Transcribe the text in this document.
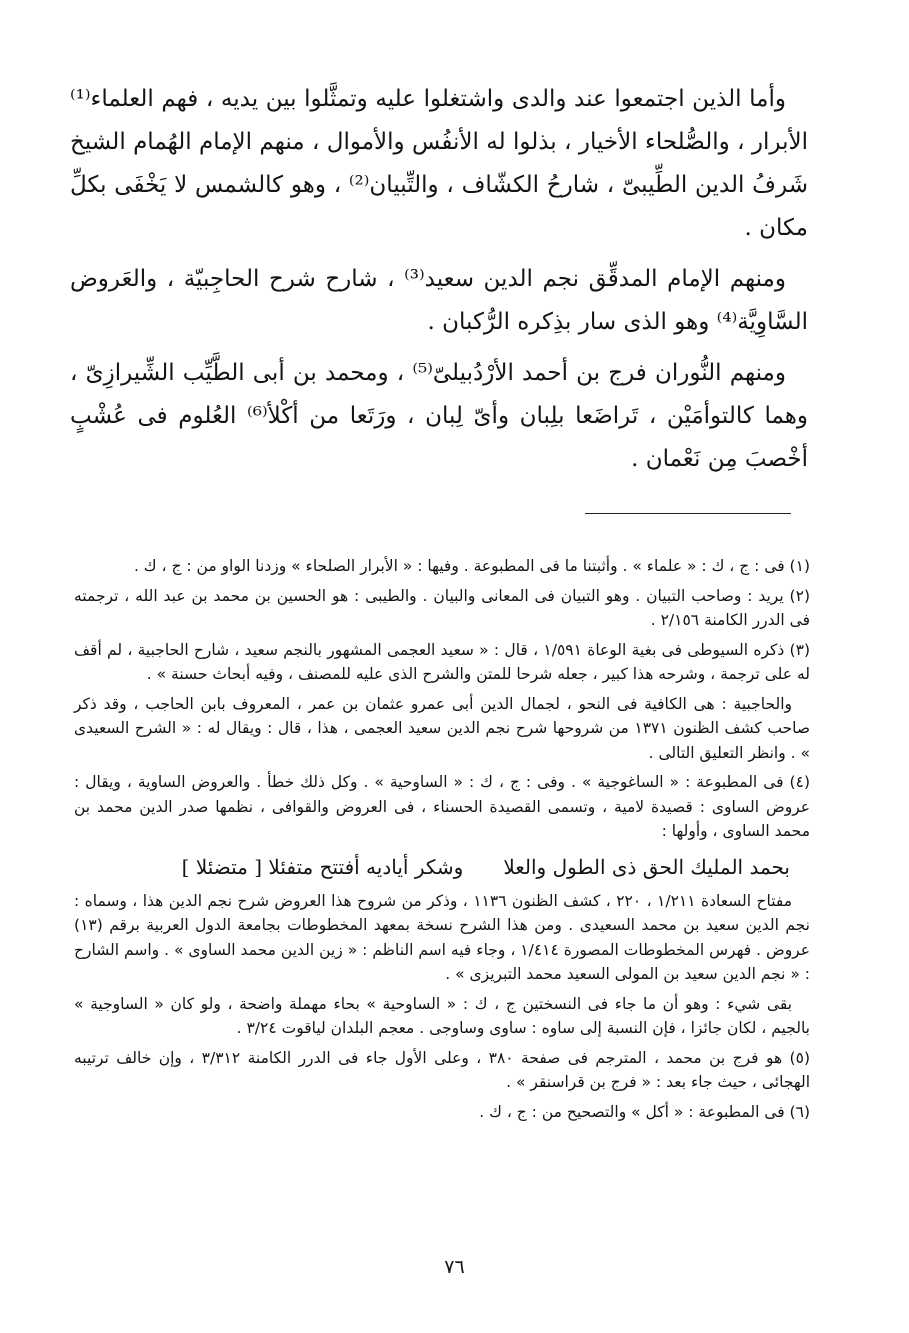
وأما الذين اجتمعوا عند والدى واشتغلوا عليه وتمثَّلوا بين يديه ، فهم العلماء⁽¹⁾ الأبرار ، والصُّلحاء الأخيار ، بذلوا له الأنفُس والأموال ، منهم الإمام الهُمام الشيخ شَرفُ الدين الطِّيبىّ ، شارحُ الكشّاف ، والتِّبيان⁽²⁾ ، وهو كالشمس لا يَخْفَى بكلِّ مكان .

ومنهم الإمام المدقِّق نجم الدين سعيد⁽³⁾ ، شارح شرح الحاجِبيّة ، والعَروض السَّاوِيَّة⁽⁴⁾ وهو الذى سار بذِكره الرُّكبان .

ومنهم النُّوران فرج بن أحمد الأرْدُبيلىّ⁽⁵⁾ ، ومحمد بن أبى الطَّيِّب الشِّيرازِىّ ، وهما كالتوأمَيْن ، تَراضَعا بلِبان وأىّ لِبان ، ورَتَعا من أكْلأ⁽⁶⁾ العُلوم فى عُشْبٍ أخْصبَ مِن نَعْمان .

(١) فى : ج ، ك : « علماء » . وأثبتنا ما فى المطبوعة . وفيها : « الأبرار الصلحاء » وزدنا الواو من : ج ، ك .

(٢) يريد : وصاحب التبيان . وهو التبيان فى المعانى والبيان . والطيبى : هو الحسين بن محمد بن عبد الله ، ترجمته فى الدرر الكامنة ٢/١٥٦ .

(٣) ذكره السيوطى فى بغية الوعاة ١/٥٩١ ، قال : « سعيد العجمى المشهور بالنجم سعيد ، شارح الحاجبية ، لم أقف له على ترجمة ، وشرحه هذا كبير ، جعله شرحا للمتن والشرح الذى عليه للمصنف ، وفيه أبحاث حسنة » .

والحاجبية : هى الكافية فى النحو ، لجمال الدين أبى عمرو عثمان بن عمر ، المعروف بابن الحاجب ، وقد ذكر صاحب كشف الظنون ١٣٧١ من شروحها شرح نجم الدين سعيد العجمى ، هذا ، قال : ويقال له : « الشرح السعيدى » . وانظر التعليق التالى .

(٤) فى المطبوعة : « الساغوجية » . وفى : ج ، ك : « الساوحية » . وكل ذلك خطأ . والعروض الساوية ، ويقال : عروض الساوى : قصيدة لامية ، وتسمى القصيدة الحسناء ، فى العروض والقوافى ، نظمها صدر الدين محمد بن محمد الساوى ، وأولها :

بحمد المليك الحق ذى الطول والعلا
وشكر أياديه أفتتح متفئلا [ متضئلا ]

مفتاح السعادة ١/٢١١ ، ٢٢٠ ، كشف الظنون ١١٣٦ ، وذكر من شروح هذا العروض شرح نجم الدين هذا ، وسماه : نجم الدين سعيد بن محمد السعيدى . ومن هذا الشرح نسخة بمعهد المخطوطات بجامعة الدول العربية برقم (١٣) عروض . فهرس المخطوطات المصورة ١/٤١٤ ، وجاء فيه اسم الناظم : « زين الدين محمد الساوى » . واسم الشارح : « نجم الدين سعيد بن المولى السعيد محمد التبريزى » .

بقى شيء : وهو أن ما جاء فى النسختين ج ، ك : « الساوحية » بحاء مهملة واضحة ، ولو كان « الساوجية » بالجيم ، لكان جائزا ، فإن النسبة إلى ساوه : ساوى وساوجى . معجم البلدان لياقوت ٣/٢٤ .

(٥) هو فرج بن محمد ، المترجم فى صفحة ٣٨٠ ، وعلى الأول جاء فى الدرر الكامنة ٣/٣١٢ ، وإن خالف ترتيبه الهجائى ، حيث جاء بعد : « فرج بن قراسنقر » .

(٦) فى المطبوعة : « أكل » والتصحيح من : ج ، ك .

٧٦
